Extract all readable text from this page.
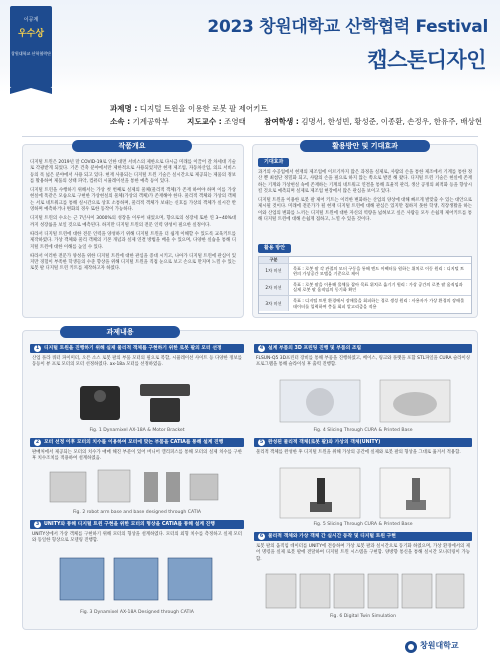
이공계
우수상
창원대학교 산학협력단
2023 창원대학교 산학협력 Festival
캡스톤디자인
과제명 : 디지털 트윈을 이용한 로봇 팔 제어키트
소속 : 기계공학부 지도교수 : 조영태 참여학생 : 김명서, 한성빈, 황성준, 이종환, 손정우, 한유주, 배상현
작품개요

디지털 트윈은 2019년 말 COVID-19로 인한 대면 서비스의 제한으로 다시금 미래를 이끌어 갈 차세대 기술로 각광받게 되었다. 기존 건축 분야에서만 제한적으로 사용되었지만 현재 제조업, 자동차산업, 의료 서비스 등의 폭 넓은 분야에서 사용 되고 있다. 현재 사용되는 디지털 트윈 기술은 실시간으로 제공되는 제품의 정보를 활용하여 제품의 상태 파악, 컴퓨터 시뮬레이션을 통한 예측 등이 있다.

디지털 트윈을 수행하기 위해서는 가상 첫 번째로 실제의 물체(물리적 객체)가 존재 하여야 하며 이를 가상 현실에 똑같은 모습으로 구현한 가상현실의 물체(가상의 객체)가 존재해야 한다. 물리적 객체와 가상의 객체는 서로 네트워크를 통해 실시간으로 상호 소통하며, 물리적 객체가 보내는 신호를 가상의 객체가 실시간 반영하며 예측하거나 변화의 경우 또한 동작이 가능하다.

디지털 트윈의 수요는 근 7년사이 3000%의 성장을 이루어 내었으며, 향으로의 성장세 또한 연 3~40%대까지 성장률을 보일 것으로 예측된다. 하지만 디지털 트윈의 전문 인력 양성이 필요한 실정이다.

따라서 디지털 트윈에 대한 전문 인력을 양성하기 위해 디지털 트윈을 더 쉽게 이해할 수 있도록 교육키트를 제작하였다. 가상 객체와 물리 객체의 기본 개념과 실제 연결 방법을 배울 수 있으며, 다양한 실습을 통해 디지털 트윈에 대한 이해를 높일 수 있다.

따라서 이러한 전문가 양성을 위한 디지털 트윈에 대한 관심을 증대 시키고, 나아가 디지털 트윈에 관심이 있지만 경험이 부족한 학생들의 수준 향상을 위해 디지털 트윈을 직접 눈으로 보고 손으로 만지며 느낄 수 있는 로봇 팔 디지털 트윈 키트를 제작하고자 하였다.

활용방안 및 기대효과
기대효과

과거의 수공업에서 현재의 제조업에 이르기까지 많은 과정을 실제로, 사람의 손을 통한 제조에서 기계를 통한 정산 뿐 최첨단 정밀화 되고, 사람의 손을 필요로 하지 않는 쪽으로 발전 해 왔다. 디지털 트윈 기술은 현실에 존재하는 기계와 가상현실 속에 존재하는 기계의 네트워크 연결을 통해 효율적 관리, 생산 공정의 최적화 등을 향상시킬 것으로 예측되며 실제로 제조업 현장에서 많은 관심을 보이고 있다.

디지털 트윈을 이용한 로봇 팔 제어 키트는 이러한 변화하는 산업의 양상에 대해 빠르게 발맞출 수 있는 대안으로 제시될 것이다. 미래에 전문가가 될 현재 디지털 트윈에 대해 관심은 있지만 접하지 못한 학생, 직장생활을 하는 이와 산업의 변화를 느끼는 디지털 트윈에 대한 자신의 역량을 넓혀보고 싶은 사람들 모두 손쉽게 제어키트를 통해 디지털 트윈에 대해 손쉽게 접하고, 느낄 수 있을 것이다.

활용 방안
구분
1차 미션
목표 : 로봇 팔 각 관절의 모터 구동을 통해 엔드 이펙터를 원하는 위치로 이동 원리 : 디지털 트윈의 가상공간 모델을 기준으로 제어
2차 미션
목표 : 로봇 팔을 이용해 물체를 잡아 목표 위치로 옮기기 원리 : 가상 공간의 로봇 팔 움직임과 실제 로봇 팔 움직임의 동기화 확인
3차 미션
목표 : 디지털 트윈 환경에서 장애물을 회피하는 경로 생성 원리 : 사용자가 가상 환경의 장애물 데이터를 입력하여 충돌 회피 알고리즘을 적용
과제내용
1 디지털 트윈을 진행하기 위해 실제 물리적 객체를 구현하기 위한 로봇 팔의 모터 선정
산업 플라 쿼터 파이미터, 오픈 소스 로봇 팔의 부품 모터의 필요로 복합, 시뮬레이션 사이트 등 다양한 정보를 동등이 뷰 프로 모터의 모터 선정하였다. ax-18a 모터를 선정하였음.
Fig. 1 Dynamixel AX-18A & Motor Bracket
2 모터 선정 이후 모터의 치수를 이용하여 모터에 맞는 부품을 CATIA를 통해 설계 진행
판매처에서 제공되는 모터의 치수가 애매 해진 부분이 있어 버니어 캘리퍼스를 통해 모터의 실제 치수를 구한 후 치수조치를 적용하여 설계하였음.
Fig. 2 robot arm base and base designed through CATIA
3 UNITY와 통해 디지털 트윈 구현을 위한 모터의 형상을 CATIA를 통해 설계 진행
UNITY상에서 가상 객체를 구현하기 위해 모터의 형상을 설계하였다. 모터의 외형 치수를 측정하고 실제 모터와 동일한 형상으로 모델링 진행함.
Fig. 3 Dynamixel AX-18A Designed through CATIA
4 설계 부품의 3D 프린팅 진행 및 부품의 조립
FLSUN-Q5 3D프린터 장비를 통해 부품을 진행하였고, 베이스, 링크와 플랫을 포함 STL파일을 CURA 슬라이싱 프로그램을 통해 슬라이싱 후 출력 진행함.
Fig. 4 Slicing Through CURA & Printed Base
5 완성된 물리적 객체(로봇 팔)와 가상의 객체(UNITY)
물리적 객체를 완성한 후 디지털 트윈을 위해 가상의 공간에 실제와 로봇 팔의 형상을 그대로 옮겨서 적용함.
Fig. 5 Slicing Through CURA & Printed Base
6 물리적 객체와 가상 객체 간 실시간 동작 및 디지털 트윈 구현
로봇 팔의 움직임 데이터를 UNITY에 전송하여 가상 로봇 팔과 실시간으로 동기화 하였으며, 가상 환경에서의 제어 명령을 실제 로봇 팔에 전달하여 디지털 트윈 시스템을 구현함. 양방향 통신을 통해 실시간 모니터링이 가능함.
Fig. 6 Digital Twin Simulation
창원대학교
